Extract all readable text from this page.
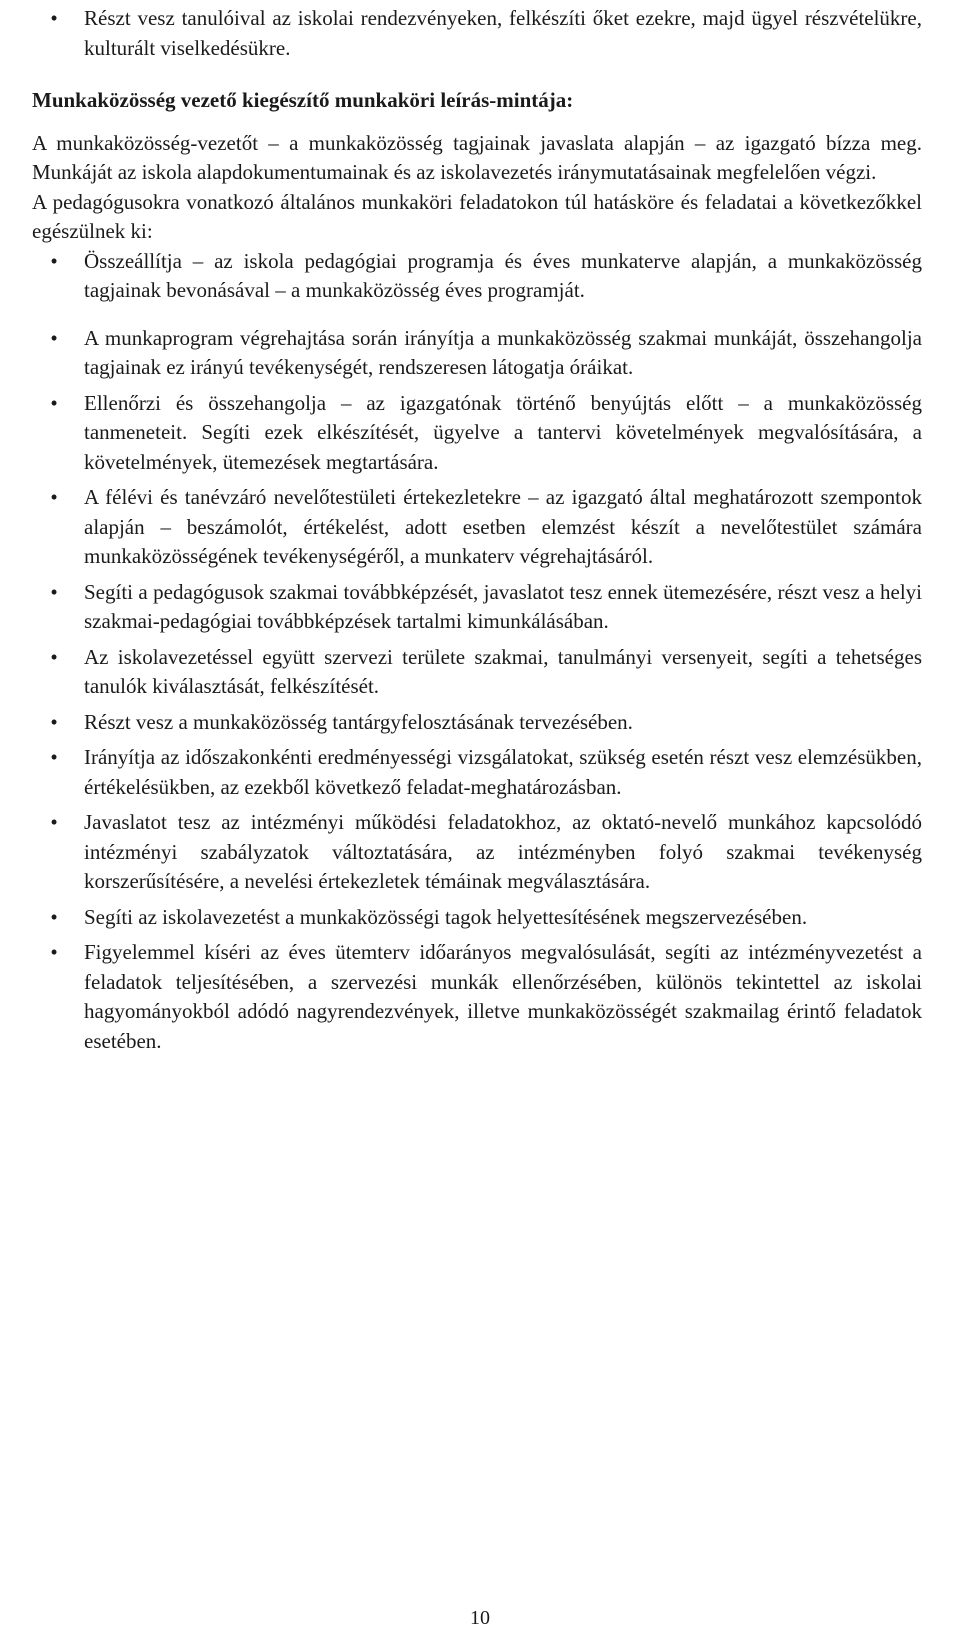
•	Részt vesz tanulóival az iskolai rendezvényeken, felkészíti őket ezekre, majd ügyel részvételükre, kulturált viselkedésükre.
Munkaközösség vezető kiegészítő munkaköri leírás-mintája:

A munkaközösség-vezetőt – a munkaközösség tagjainak javaslata alapján – az igazgató bízza meg. Munkáját az iskola alapdokumentumainak és az iskolavezetés iránymutatásainak megfelelően végzi.

A pedagógusokra vonatkozó általános munkaköri feladatokon túl hatásköre és feladatai a következőkkel egészülnek ki:

•	Összeállítja – az iskola pedagógiai programja és éves munkaterve alapján, a munkaközösség tagjainak bevonásával – a munkaközösség éves programját.
•	A munkaprogram végrehajtása során irányítja a munkaközösség szakmai munkáját, összehangolja tagjainak ez irányú tevékenységét, rendszeresen látogatja óráikat.
•	Ellenőrzi és összehangolja – az igazgatónak történő benyújtás előtt – a munkaközösség tanmeneteit. Segíti ezek elkészítését, ügyelve a tantervi követelmények megvalósítására, a követelmények, ütemezések megtartására.
•	A félévi és tanévzáró nevelőtestületi értekezletekre – az igazgató által meghatározott szempontok alapján – beszámolót, értékelést, adott esetben elemzést készít a nevelőtestület számára munkaközösségének tevékenységéről, a munkaterv végrehajtásáról.
•	Segíti a pedagógusok szakmai továbbképzését, javaslatot tesz ennek ütemezésére, részt vesz a helyi szakmai-pedagógiai továbbképzések tartalmi kimunkálásában.
•	Az iskolavezetéssel együtt szervezi területe szakmai, tanulmányi versenyeit, segíti a tehetséges tanulók kiválasztását, felkészítését.
•	Részt vesz a munkaközösség tantárgyfelosztásának tervezésében.
•	Irányítja az időszakonkénti eredményességi vizsgálatokat, szükség esetén részt vesz elemzésükben, értékelésükben, az ezekből következő feladat-meghatározásban.
•	Javaslatot tesz az intézményi működési feladatokhoz, az oktató-nevelő munkához kapcsolódó intézményi szabályzatok változtatására, az intézményben folyó szakmai tevékenység korszerűsítésére, a nevelési értekezletek témáinak megválasztására.
•	Segíti az iskolavezetést a munkaközösségi tagok helyettesítésének megszervezésében.
•	Figyelemmel kíséri az éves ütemterv időarányos megvalósulását, segíti az intézményvezetést a feladatok teljesítésében, a szervezési munkák ellenőrzésében, különös tekintettel az iskolai hagyományokból adódó nagyrendezvények, illetve munkaközösségét szakmailag érintő feladatok esetében.
10
